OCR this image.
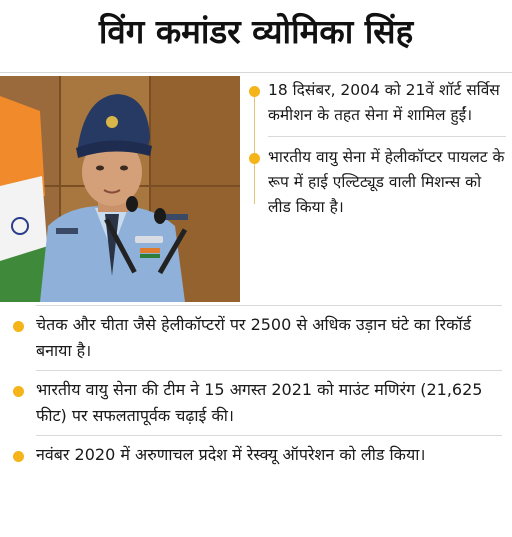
विंग कमांडर व्योमिका सिंह
18 दिसंबर, 2004 को 21वें शॉर्ट सर्विस कमीशन के तहत सेना में शामिल हुईं।
भारतीय वायु सेना में हेलीकॉप्टर पायलट के रूप में हाई एल्टिट्यूड वाली मिशन्स को लीड किया है।
चेतक और चीता जैसे हेलीकॉप्टरों पर 2500 से अधिक उड़ान घंटे का रिकॉर्ड बनाया है।
भारतीय वायु सेना की टीम ने 15 अगस्त 2021 को माउंट मणिरंग (21,625 फीट) पर सफलतापूर्वक चढ़ाई की।
नवंबर 2020 में अरुणाचल प्रदेश में रेस्क्यू ऑपरेशन को लीड किया।
